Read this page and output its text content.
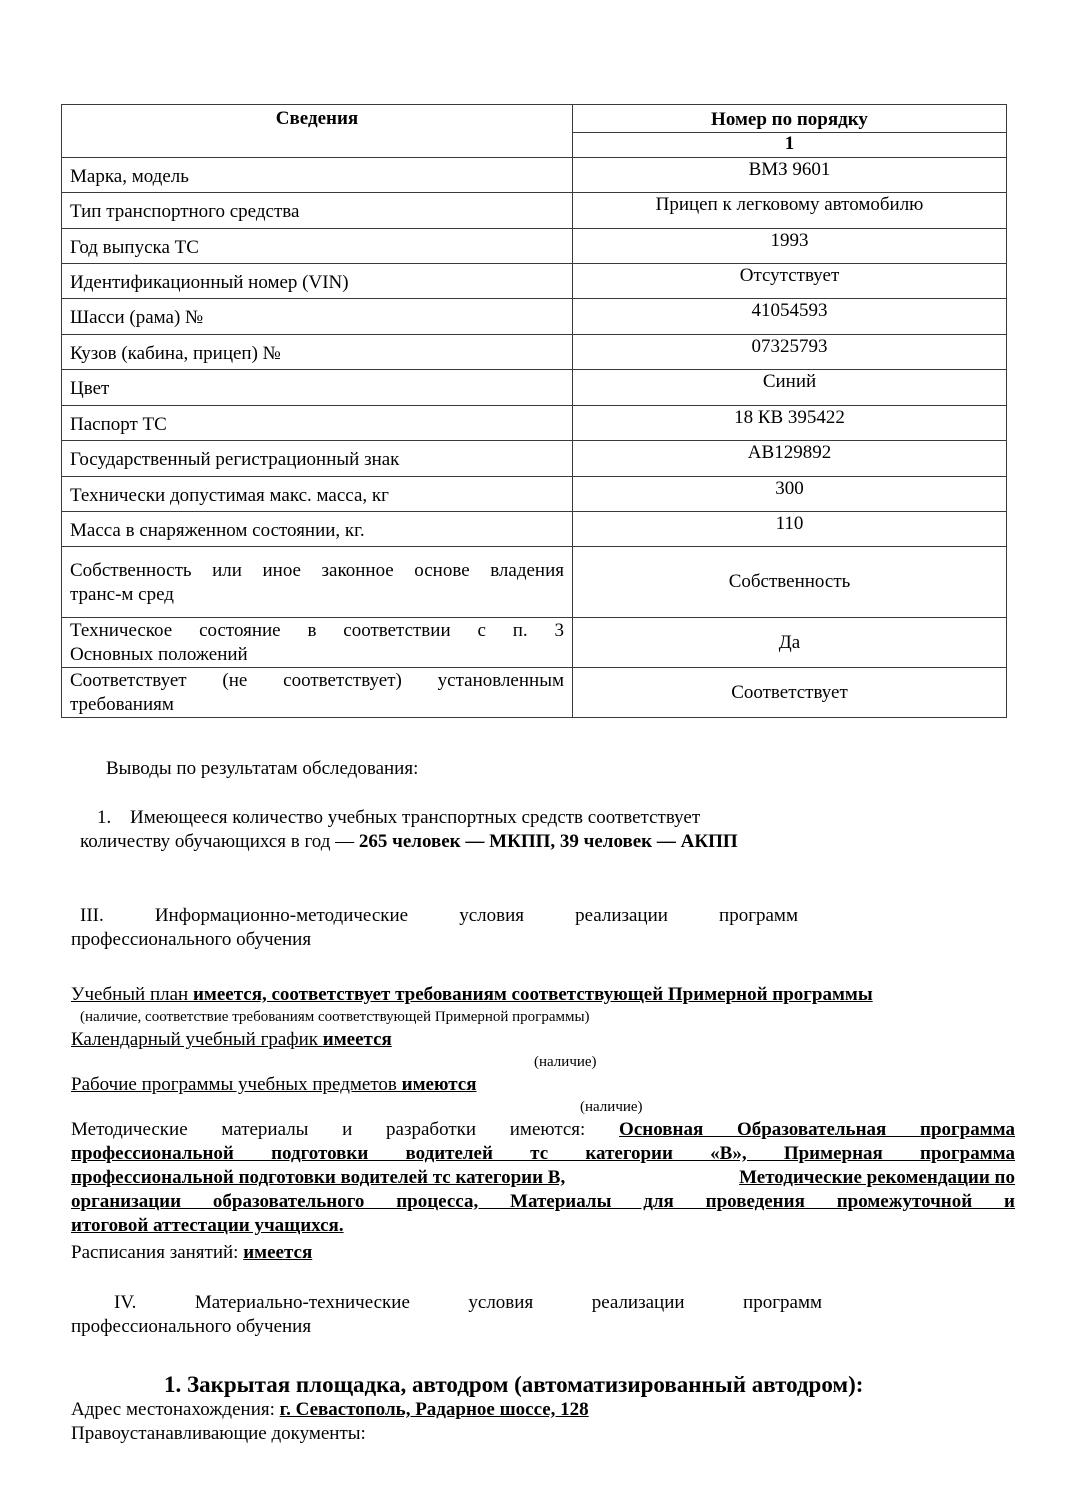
Сведения	Номер по порядку
	1
Марка, модель	ВМЗ 9601
Тип транспортного средства	Прицеп к легковому автомобилю
Год выпуска ТС	1993
Идентификационный номер (VIN)	Отсутствует
Шасси (рама) №	41054593
Кузов (кабина, прицеп) №	07325793
Цвет	Синий
Паспорт ТС	18 КВ 395422
Государственный регистрационный знак	АВ129892
Технически допустимая макс. масса, кг	300
Масса в снаряженном состоянии, кг.	110

Собственность или иное законное основе владения
транс-м сред	Собственность

Техническое состояние в соответствии с п. 3
Основных положений	Да

Соответствует (не соответствует) установленным
требованиям	Соответствует
Выводы по результатам обследования:
1. Имеющееся количество учебных транспортных средств соответствует
количеству обучающихся в год — 265 человек — МКПП, 39 человек — АКПП
III.	Информационно-методические	условия	реализации	программ
профессионального обучения
Учебный план имеется, соответствует требованиям соответствующей Примерной программы
(наличие, соответствие требованиям соответствующей Примерной программы)
Календарный учебный график имеется
(наличие)
Рабочие программы учебных предметов имеются
(наличие)
Методические материалы и разработки имеются: Основная Образовательная программа
профессиональной подготовки водителей тс категории «В», Примерная программа
профессиональной подготовки водителей тс категории В,	Методические рекомендации по
организации образовательного процесса, Материалы для проведения промежуточной и
итоговой аттестации учащихся.
Расписания занятий: имеется
IV.	Материально-технические	условия	реализации	программ
профессионального обучения
1. Закрытая площадка, автодром (автоматизированный автодром):
Адрес местонахождения: г. Севастополь, Радарное шоссе, 128
Правоустанавливающие документы:
